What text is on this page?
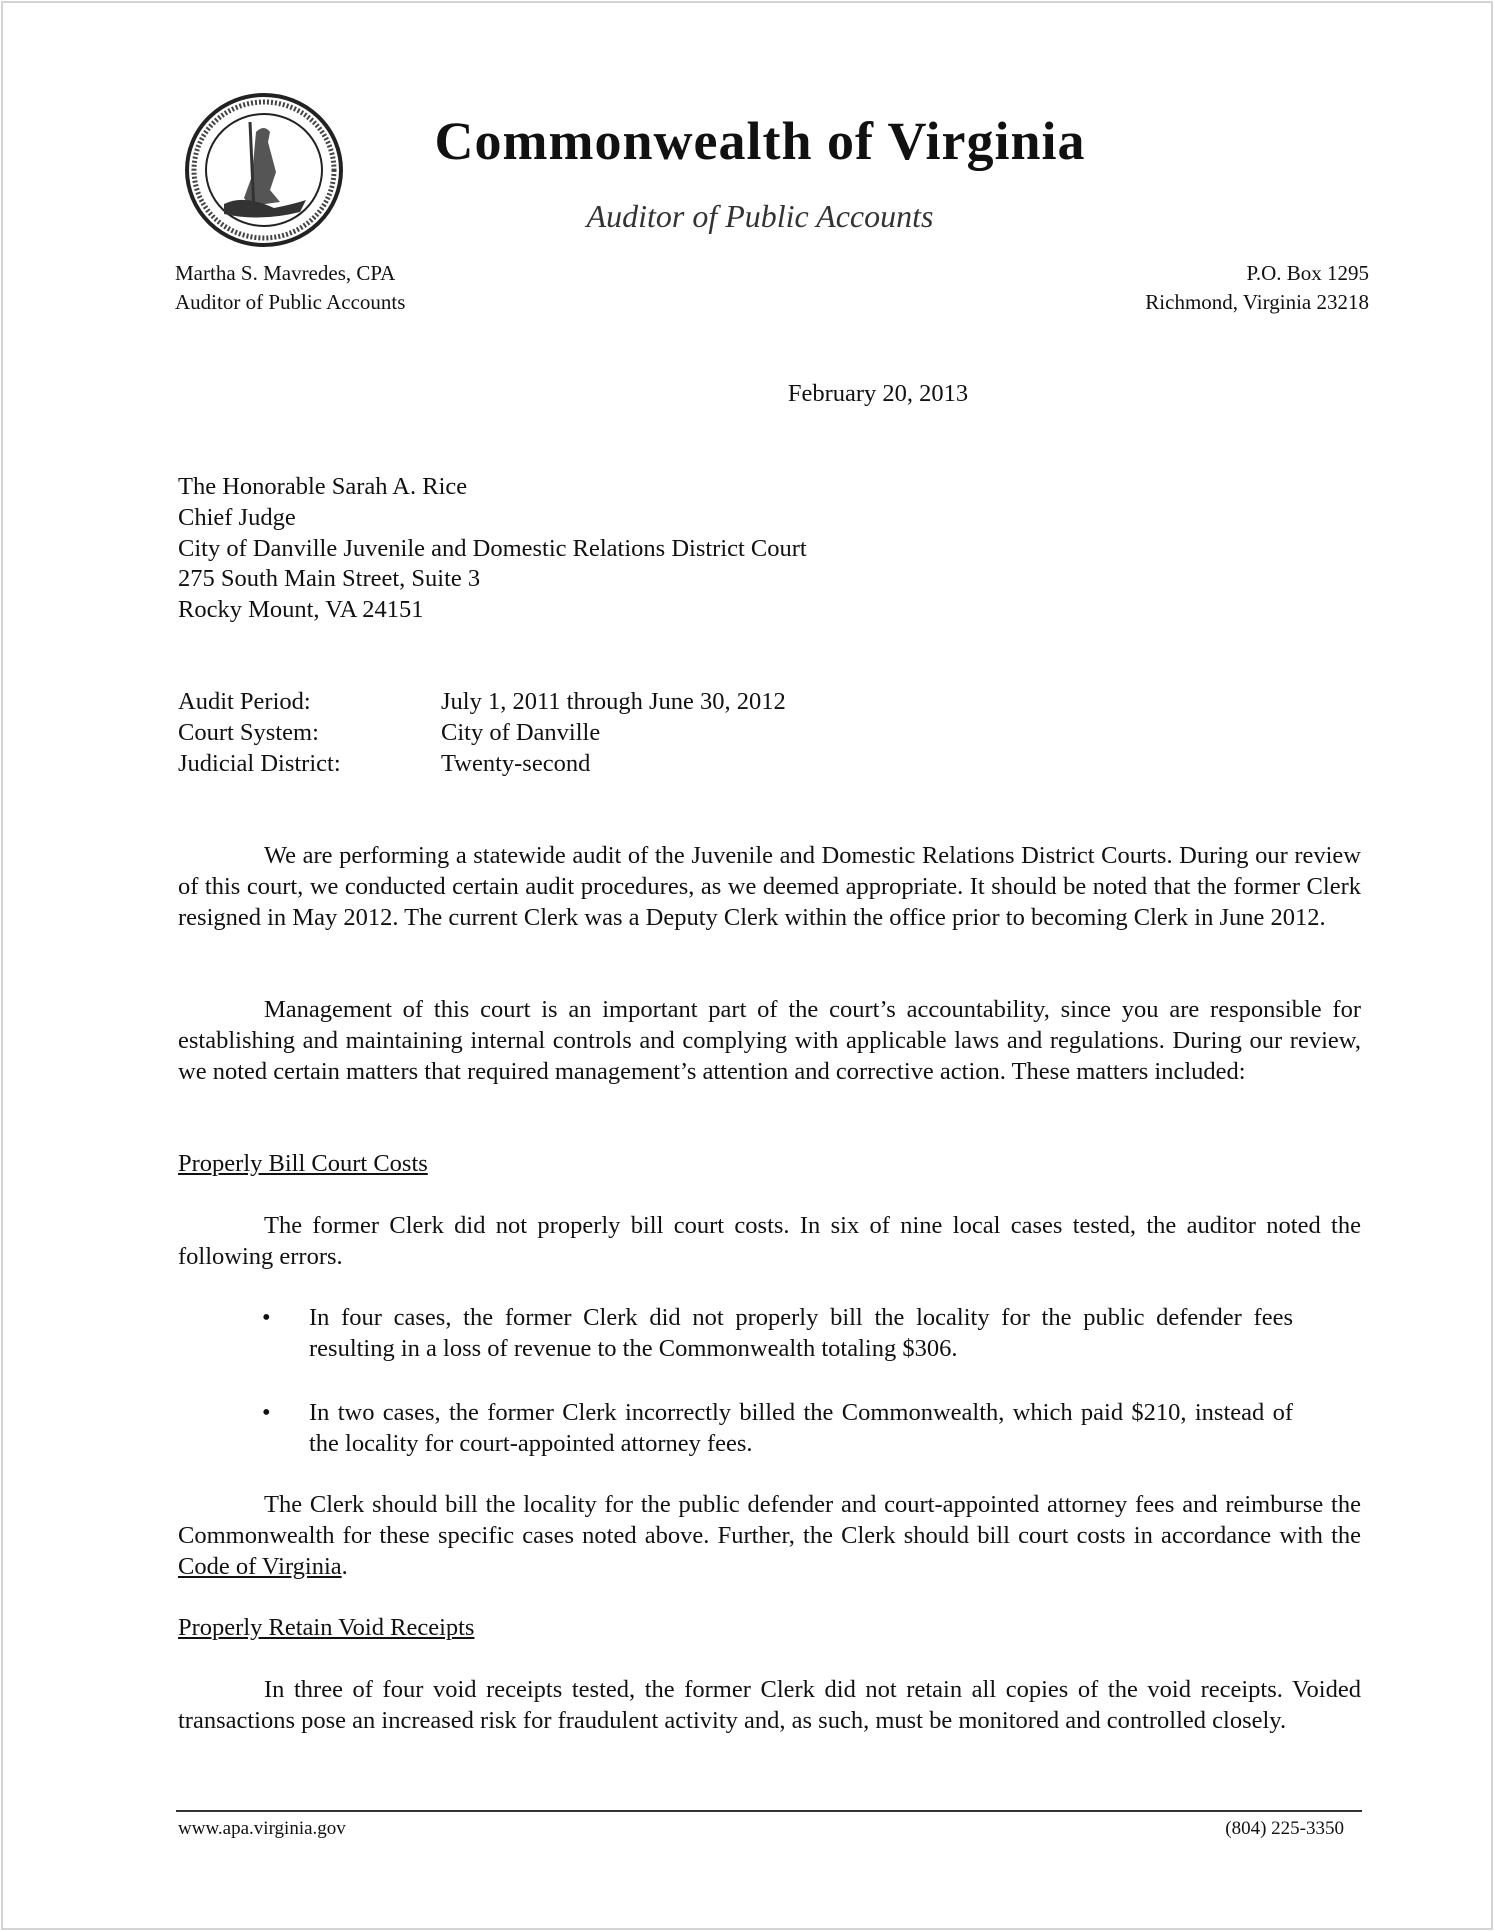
Commonwealth of Virginia
Auditor of Public Accounts
Martha S. Mavredes, CPA
Auditor of Public Accounts
P.O. Box 1295
Richmond, Virginia 23218
February 20, 2013
The Honorable Sarah A. Rice
Chief Judge
City of Danville Juvenile and Domestic Relations District Court
275 South Main Street, Suite 3
Rocky Mount, VA 24151
Audit Period:	July 1, 2011 through June 30, 2012
Court System:	City of Danville
Judicial District:	Twenty-second
We are performing a statewide audit of the Juvenile and Domestic Relations District Courts. During our review of this court, we conducted certain audit procedures, as we deemed appropriate. It should be noted that the former Clerk resigned in May 2012. The current Clerk was a Deputy Clerk within the office prior to becoming Clerk in June 2012.
Management of this court is an important part of the court’s accountability, since you are responsible for establishing and maintaining internal controls and complying with applicable laws and regulations. During our review, we noted certain matters that required management’s attention and corrective action. These matters included:
Properly Bill Court Costs
The former Clerk did not properly bill court costs. In six of nine local cases tested, the auditor noted the following errors.
•	In four cases, the former Clerk did not properly bill the locality for the public defender fees resulting in a loss of revenue to the Commonwealth totaling $306.
•	In two cases, the former Clerk incorrectly billed the Commonwealth, which paid $210, instead of the locality for court-appointed attorney fees.
The Clerk should bill the locality for the public defender and court-appointed attorney fees and reimburse the Commonwealth for these specific cases noted above. Further, the Clerk should bill court costs in accordance with the Code of Virginia.
Properly Retain Void Receipts
In three of four void receipts tested, the former Clerk did not retain all copies of the void receipts. Voided transactions pose an increased risk for fraudulent activity and, as such, must be monitored and controlled closely.
www.apa.virginia.gov	(804) 225-3350
